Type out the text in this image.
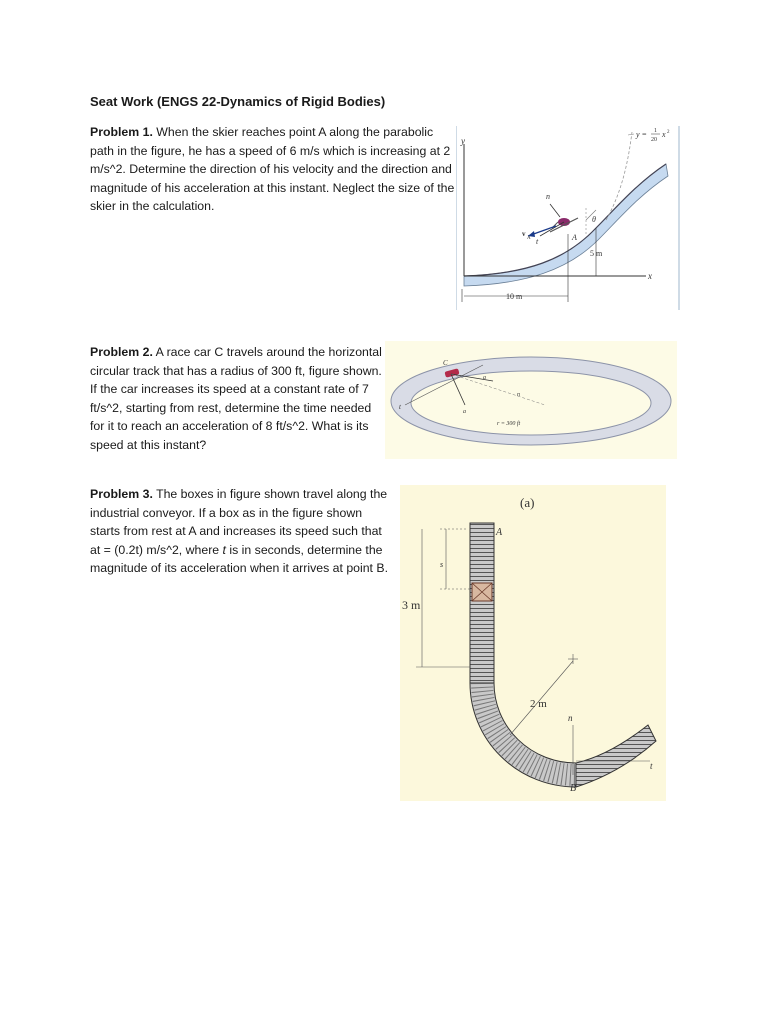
Seat Work (ENGS 22-Dynamics of Rigid Bodies)

Problem 1. When the skier reaches point A along the parabolic path in the figure, he has a speed of 6 m/s which is increasing at 2 m/s^2. Determine the direction of his velocity and the direction and magnitude of his acceleration at this instant. Neglect the size of the skier in the calculation.

Problem 2. A race car C travels around the horizontal circular track that has a radius of 300 ft, figure shown. If the car increases its speed at a constant rate of 7 ft/s^2, starting from rest, determine the time needed for it to reach an acceleration of 8 ft/s^2. What is its speed at this instant?

Problem 3. The boxes in figure shown travel along the industrial conveyor. If a box as in the figure shown starts from rest at A and increases its speed such that at = (0.2t) m/s^2, where t is in seconds, determine the magnitude of its acceleration when it arrives at point B.

y
x
y = 1
20
x 2
n
t
v
A
θ
A
5 m
10 m
C
t
a
a
n
r = 300 ft
(a)
A
B
s
3 m
2 m
n
t
